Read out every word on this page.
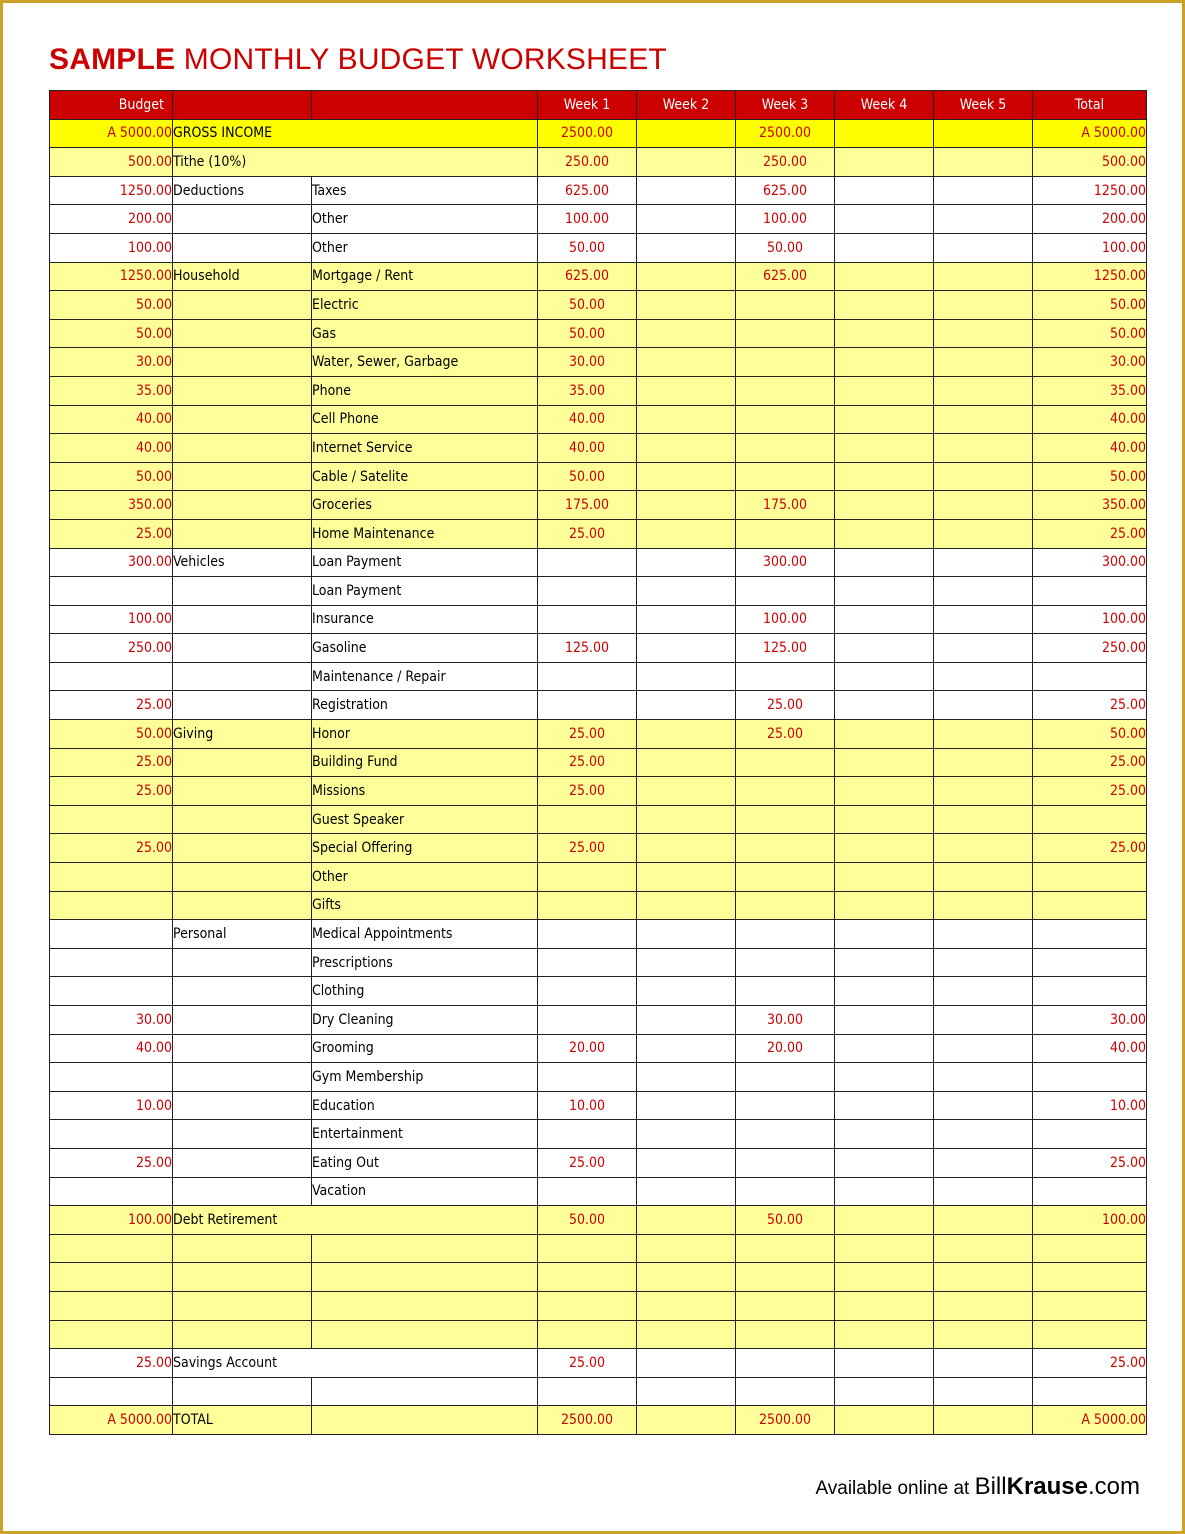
SAMPLE MONTHLY BUDGET WORKSHEET
Budget			Week 1	Week 2	Week 3	Week 4	Week 5	Total
A 5000.00	GROSS INCOME		2500.00		2500.00			A 5000.00
500.00	Tithe (10%)		250.00		250.00			500.00
1250.00	Deductions	Taxes	625.00		625.00			1250.00
200.00		Other	100.00		100.00			200.00
100.00		Other	50.00		50.00			100.00
1250.00	Household	Mortgage / Rent	625.00		625.00			1250.00
50.00		Electric	50.00					50.00
50.00		Gas	50.00					50.00
30.00		Water, Sewer, Garbage	30.00					30.00
35.00		Phone	35.00					35.00
40.00		Cell Phone	40.00					40.00
40.00		Internet Service	40.00					40.00
50.00		Cable / Satelite	50.00					50.00
350.00		Groceries	175.00		175.00			350.00
25.00		Home Maintenance	25.00					25.00
300.00	Vehicles	Loan Payment			300.00			300.00
		Loan Payment						
100.00		Insurance			100.00			100.00
250.00		Gasoline	125.00		125.00			250.00
		Maintenance / Repair						
25.00		Registration			25.00			25.00
50.00	Giving	Honor	25.00		25.00			50.00
25.00		Building Fund	25.00					25.00
25.00		Missions	25.00					25.00
		Guest Speaker						
25.00		Special Offering	25.00					25.00
		Other						
		Gifts						
	Personal	Medical Appointments						
		Prescriptions						
		Clothing						
30.00		Dry Cleaning			30.00			30.00
40.00		Grooming	20.00		20.00			40.00
		Gym Membership						
10.00		Education	10.00					10.00
		Entertainment						
25.00		Eating Out	25.00					25.00
		Vacation						
100.00	Debt Retirement		50.00		50.00			100.00

25.00	Savings Account		25.00					25.00

A 5000.00	TOTAL		2500.00		2500.00			A 5000.00
Available online at BillKrause.com
